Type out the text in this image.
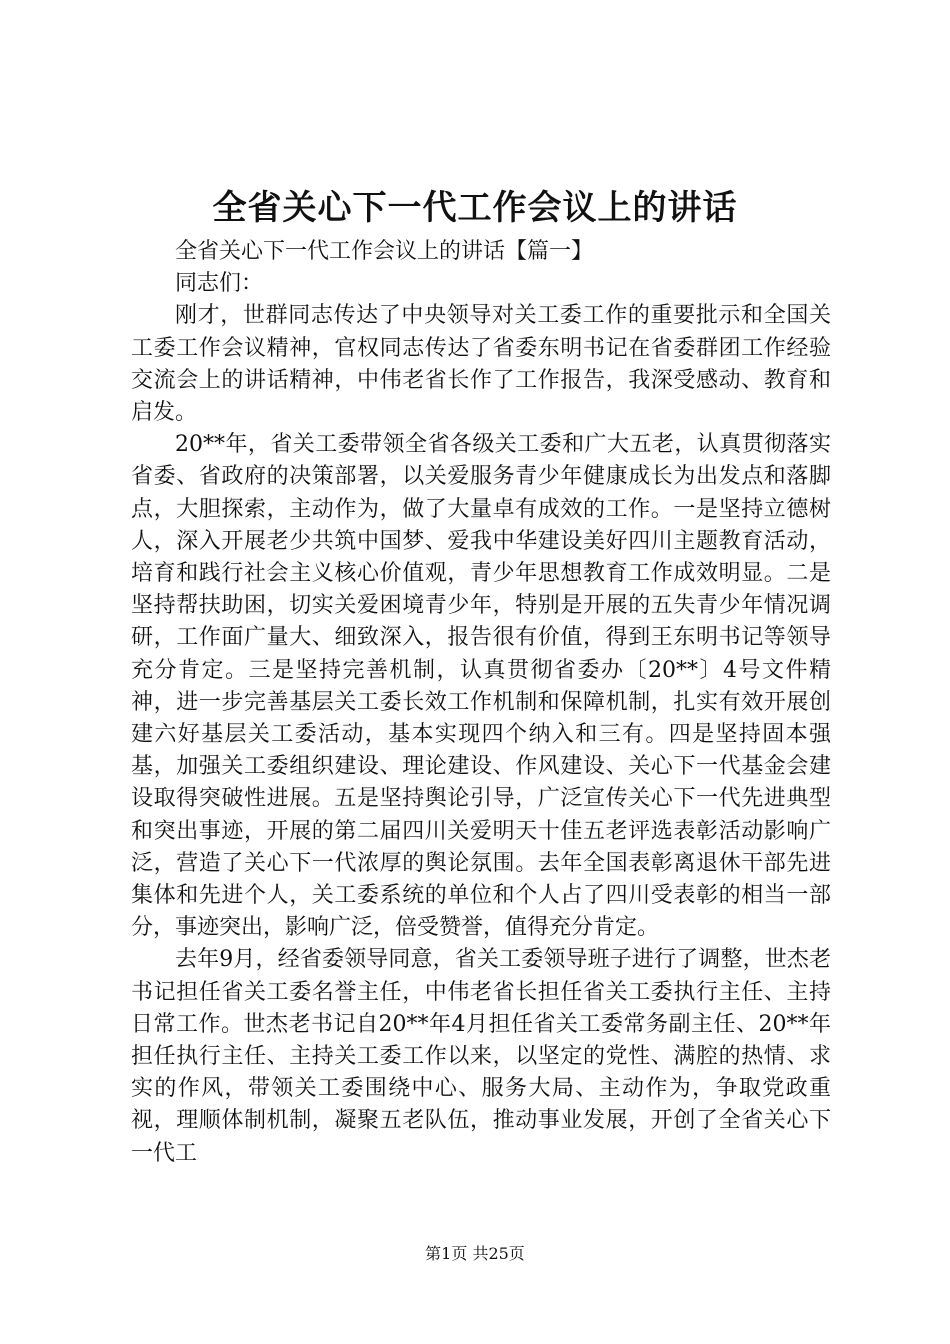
全省关心下一代工作会议上的讲话

全省关心下一代工作会议上的讲话【篇一】

同志们：

刚才，世群同志传达了中央领导对关工委工作的重要批示和全国关工委工作会议精神，官权同志传达了省委东明书记在省委群团工作经验交流会上的讲话精神，中伟老省长作了工作报告，我深受感动、教育和启发。

20**年，省关工委带领全省各级关工委和广大五老，认真贯彻落实省委、省政府的决策部署，以关爱服务青少年健康成长为出发点和落脚点，大胆探索，主动作为，做了大量卓有成效的工作。一是坚持立德树人，深入开展老少共筑中国梦、爱我中华建设美好四川主题教育活动，培育和践行社会主义核心价值观，青少年思想教育工作成效明显。二是坚持帮扶助困，切实关爱困境青少年，特别是开展的五失青少年情况调研，工作面广量大、细致深入，报告很有价值，得到王东明书记等领导充分肯定。三是坚持完善机制，认真贯彻省委办〔20**〕4号文件精神，进一步完善基层关工委长效工作机制和保障机制，扎实有效开展创建六好基层关工委活动，基本实现四个纳入和三有。四是坚持固本强基，加强关工委组织建设、理论建设、作风建设、关心下一代基金会建设取得突破性进展。五是坚持舆论引导，广泛宣传关心下一代先进典型和突出事迹，开展的第二届四川关爱明天十佳五老评选表彰活动影响广泛，营造了关心下一代浓厚的舆论氛围。去年全国表彰离退休干部先进集体和先进个人，关工委系统的单位和个人占了四川受表彰的相当一部分，事迹突出，影响广泛，倍受赞誉，值得充分肯定。

去年9月，经省委领导同意，省关工委领导班子进行了调整，世杰老书记担任省关工委名誉主任，中伟老省长担任省关工委执行主任、主持日常工作。世杰老书记自20**年4月担任省关工委常务副主任、20**年担任执行主任、主持关工委工作以来，以坚定的党性、满腔的热情、求实的作风，带领关工委围绕中心、服务大局、主动作为，争取党政重视，理顺体制机制，凝聚五老队伍，推动事业发展，开创了全省关心下一代工

第1页 共25页
